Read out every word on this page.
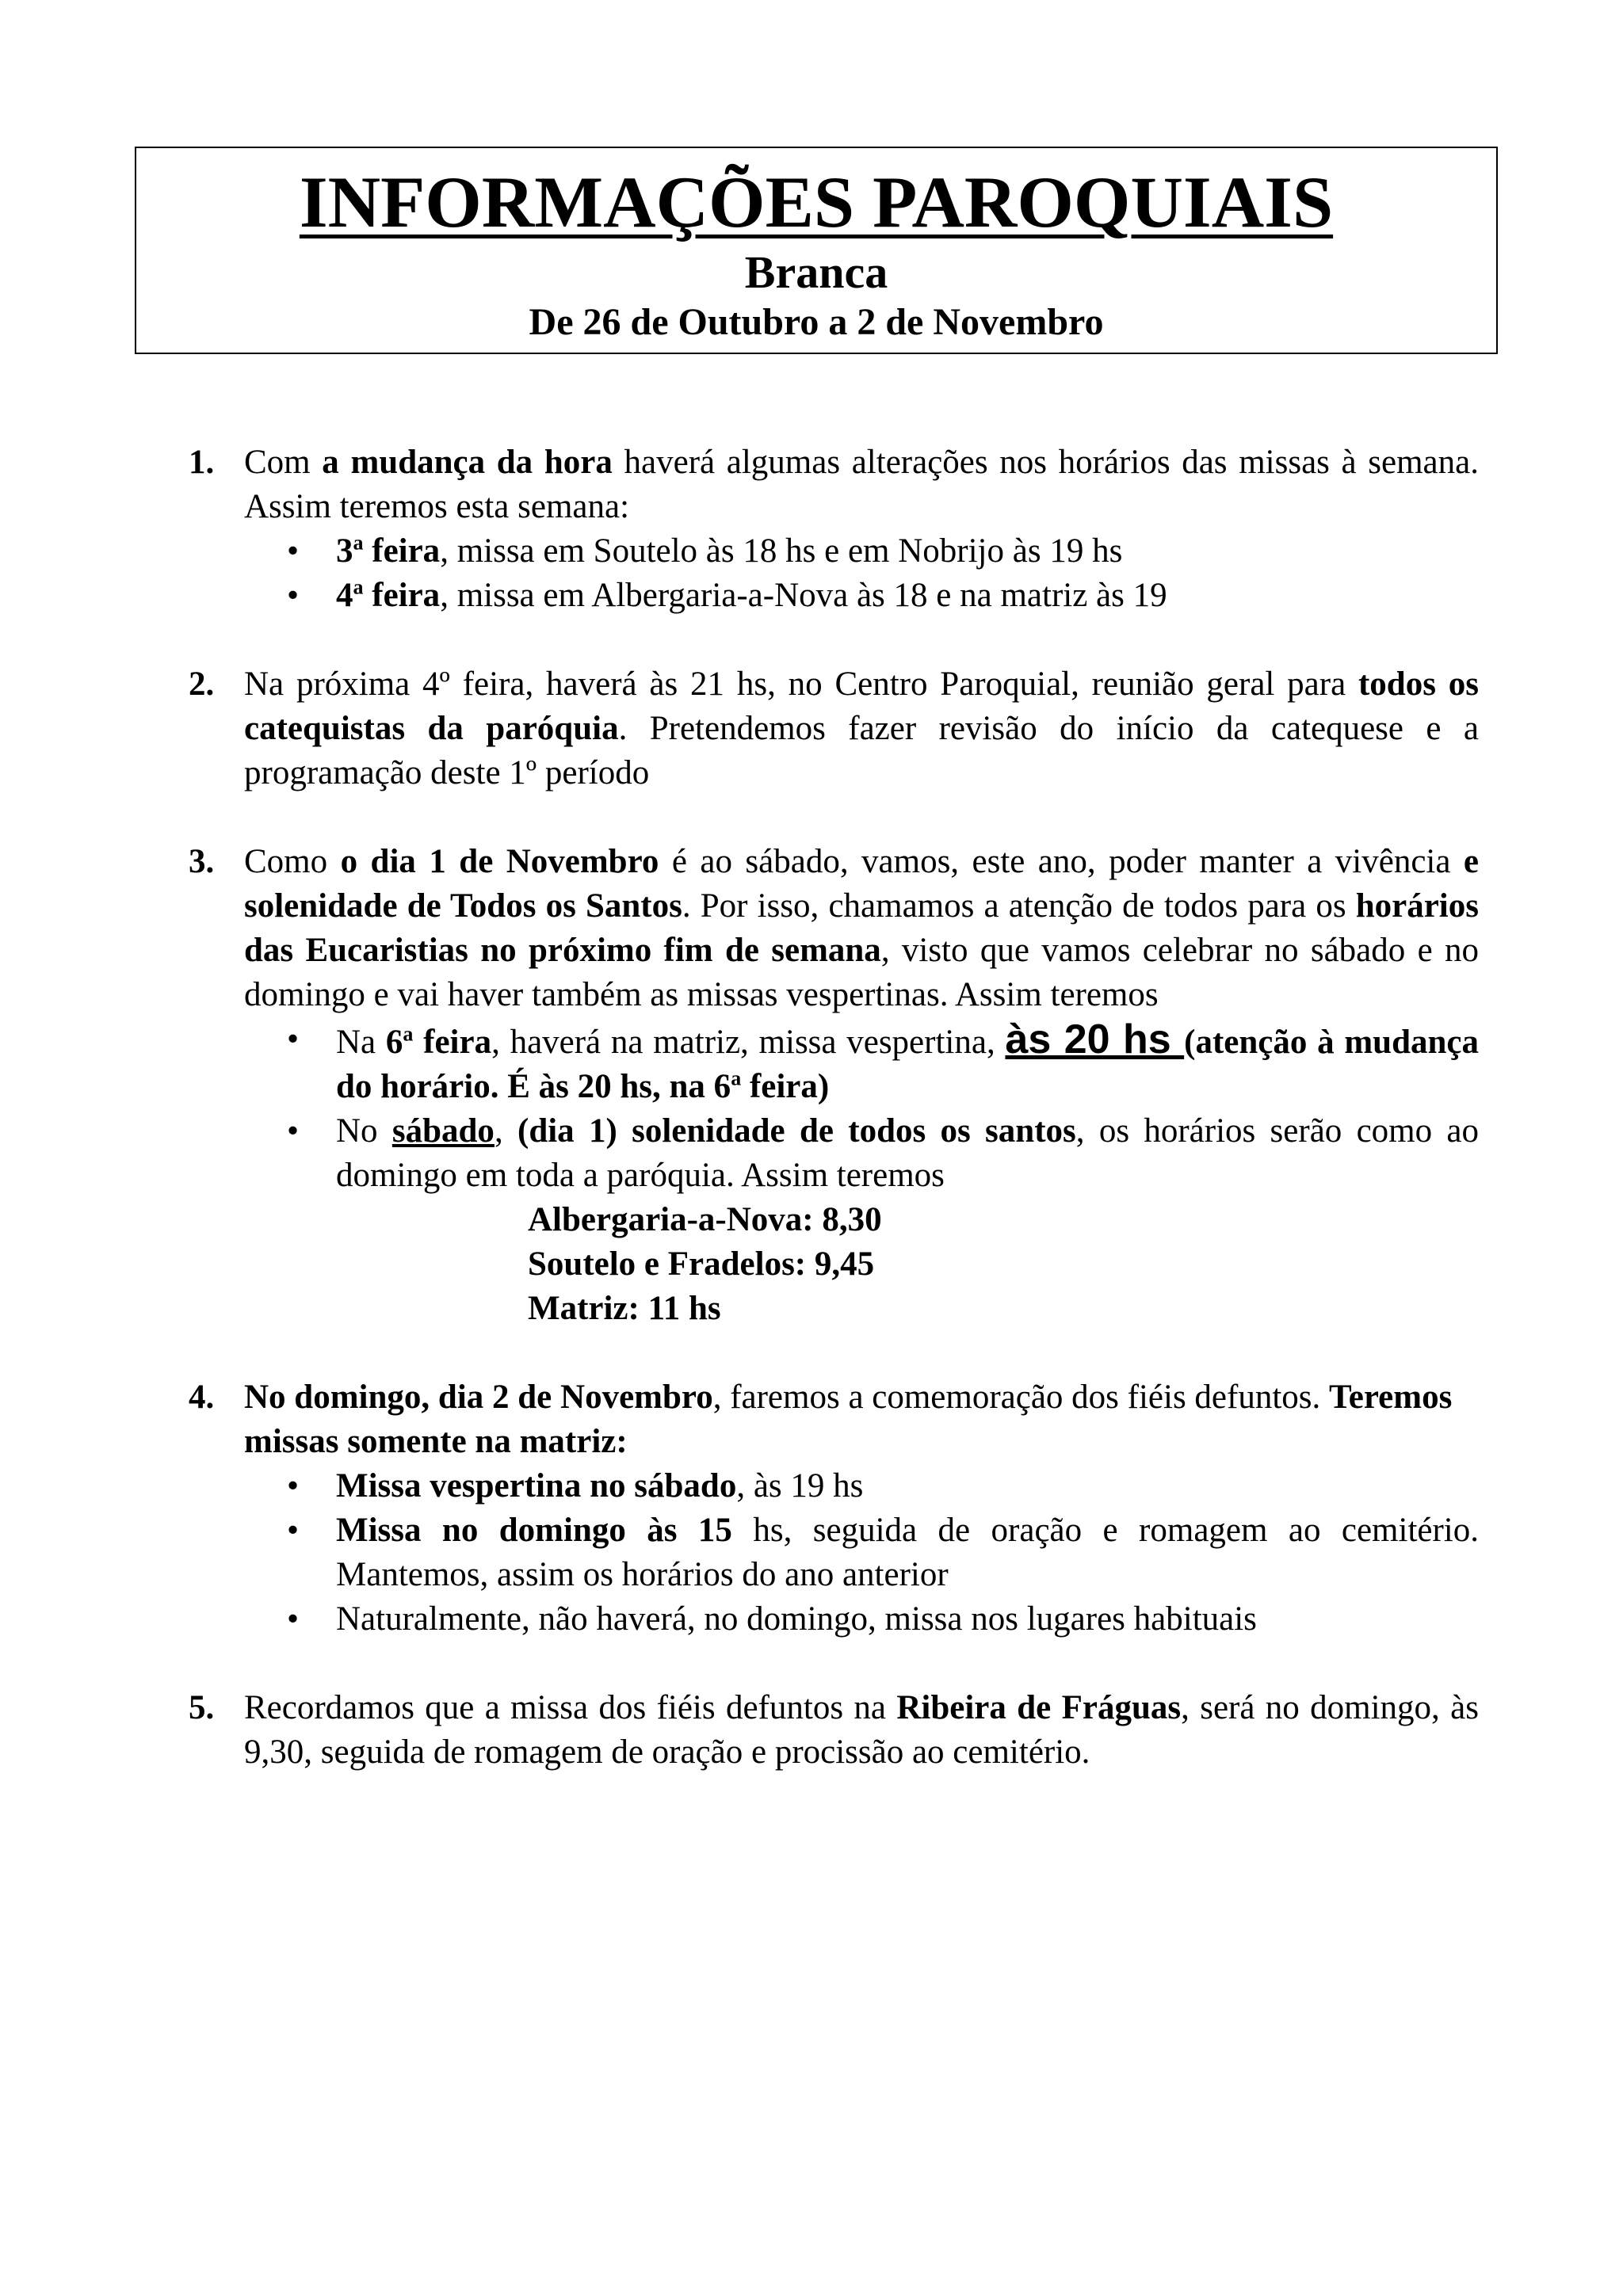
INFORMAÇÕES PAROQUIAIS
Branca
De 26 de Outubro a 2 de Novembro
1. Com a mudança da hora haverá algumas alterações nos horários das missas à semana. Assim teremos esta semana:
• 3$^a$ feira, missa em Soutelo às 18 hs e em Nobrijo às 19 hs
• 4$^a$ feira, missa em Albergaria-a-Nova às 18 e na matriz às 19
2. Na próxima 4º feira, haverá às 21 hs, no Centro Paroquial, reunião geral para todos os catequistas da paróquia. Pretendemos fazer revisão do início da catequese e a programação deste 1º período
3. Como o dia 1 de Novembro é ao sábado, vamos, este ano, poder manter a vivência e solenidade de Todos os Santos. Por isso, chamamos a atenção de todos para os horários das Eucaristias no próximo fim de semana, visto que vamos celebrar no sábado e no domingo e vai haver também as missas vespertinas. Assim teremos
• Na 6$^a$ feira, haverá na matriz, missa vespertina, às 20 hs (atenção à mudança do horário. É às 20 hs, na 6$^a$ feira)
• No sábado, (dia 1) solenidade de todos os santos, os horários serão como ao domingo em toda a paróquia. Assim teremos
Albergaria-a-Nova: 8,30
Soutelo e Fradelos: 9,45
Matriz: 11 hs
4. No domingo, dia 2 de Novembro, faremos a comemoração dos fiéis defuntos. Teremos missas somente na matriz:
• Missa vespertina no sábado, às 19 hs
• Missa no domingo às 15 hs, seguida de oração e romagem ao cemitério. Mantemos, assim os horários do ano anterior
• Naturalmente, não haverá, no domingo, missa nos lugares habituais
5. Recordamos que a missa dos fiéis defuntos na Ribeira de Fráguas, será no domingo, às 9,30, seguida de romagem de oração e procissão ao cemitério.
